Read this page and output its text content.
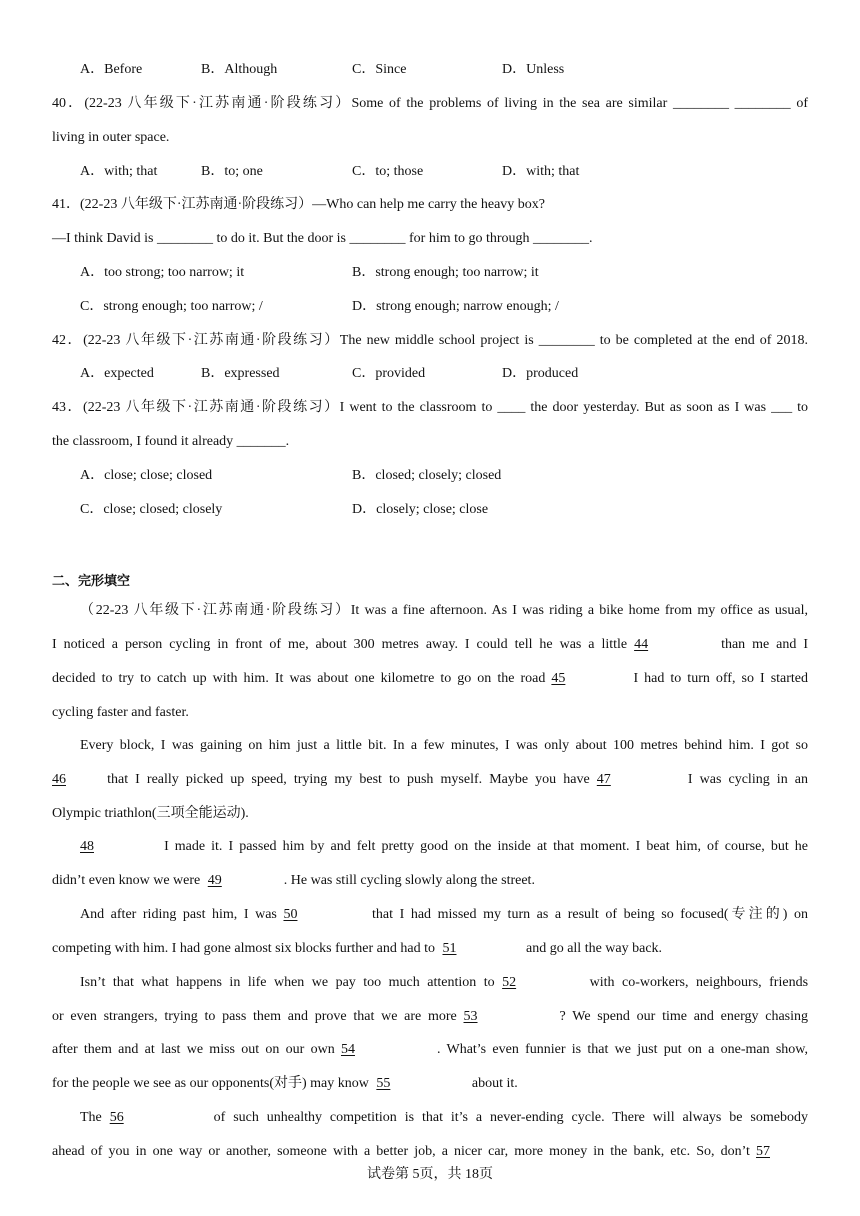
A．Before	B．Although	C．Since	D．Unless
40．(22-23 八年级下·江苏南通·阶段练习）Some of the problems of living in the sea are similar ________ ________ of
living in outer space.
A．with; that	B．to; one	C．to; those	D．with; that
41．(22-23 八年级下·江苏南通·阶段练习）—Who can help me carry the heavy box?
—I think David is ________ to do it. But the door is ________ for him to go through ________.
A．too strong; too narrow; it	B．strong enough; too narrow; it
C．strong enough; too narrow; /	D．strong enough; narrow enough; /
42．(22-23 八年级下·江苏南通·阶段练习）The new middle school project is ________ to be completed at the end of 2018.
A．expected	B．expressed	C．provided	D．produced
43．(22-23 八年级下·江苏南通·阶段练习）I went to the classroom to ____ the door yesterday. But as soon as I was ___ to
the classroom, I found it already _______.
A．close; close; closed	B．closed; closely; closed
C．close; closed; closely	D．closely; close; close
二、完形填空
（22-23 八年级下·江苏南通·阶段练习）It was a fine afternoon. As I was riding a bike home from my office as usual,
I noticed a person cycling in front of me, about 300 metres away. I could tell he was a little 44	than me and I
decided to try to catch up with him. It was about one kilometre to go on the road 45	I had to turn off, so I started
cycling faster and faster.
Every block, I was gaining on him just a little bit. In a few minutes, I was only about 100 metres behind him. I got so
46	that I really picked up speed, trying my best to push myself. Maybe you have 47	I was cycling in an
Olympic triathlon(三项全能运动).
48	I made it. I passed him by and felt pretty good on the inside at that moment. I beat him, of course, but he
didn’t even know we were 49	. He was still cycling slowly along the street.
And after riding past him, I was 50	that I had missed my turn as a result of being so focused(专注的) on
competing with him. I had gone almost six blocks further and had to 51	and go all the way back.
Isn’t that what happens in life when we pay too much attention to 52	with co-workers, neighbours, friends
or even strangers, trying to pass them and prove that we are more 53	? We spend our time and energy chasing
after them and at last we miss out on our own 54	. What’s even funnier is that we just put on a one-man show,
for the people we see as our opponents(对手) may know 55	about it.
The 56	of such unhealthy competition is that it’s a never-ending cycle. There will always be somebody
ahead of you in one way or another, someone with a better job, a nicer car, more money in the bank, etc. So, don’t 57
试卷第 5页，共 18页
